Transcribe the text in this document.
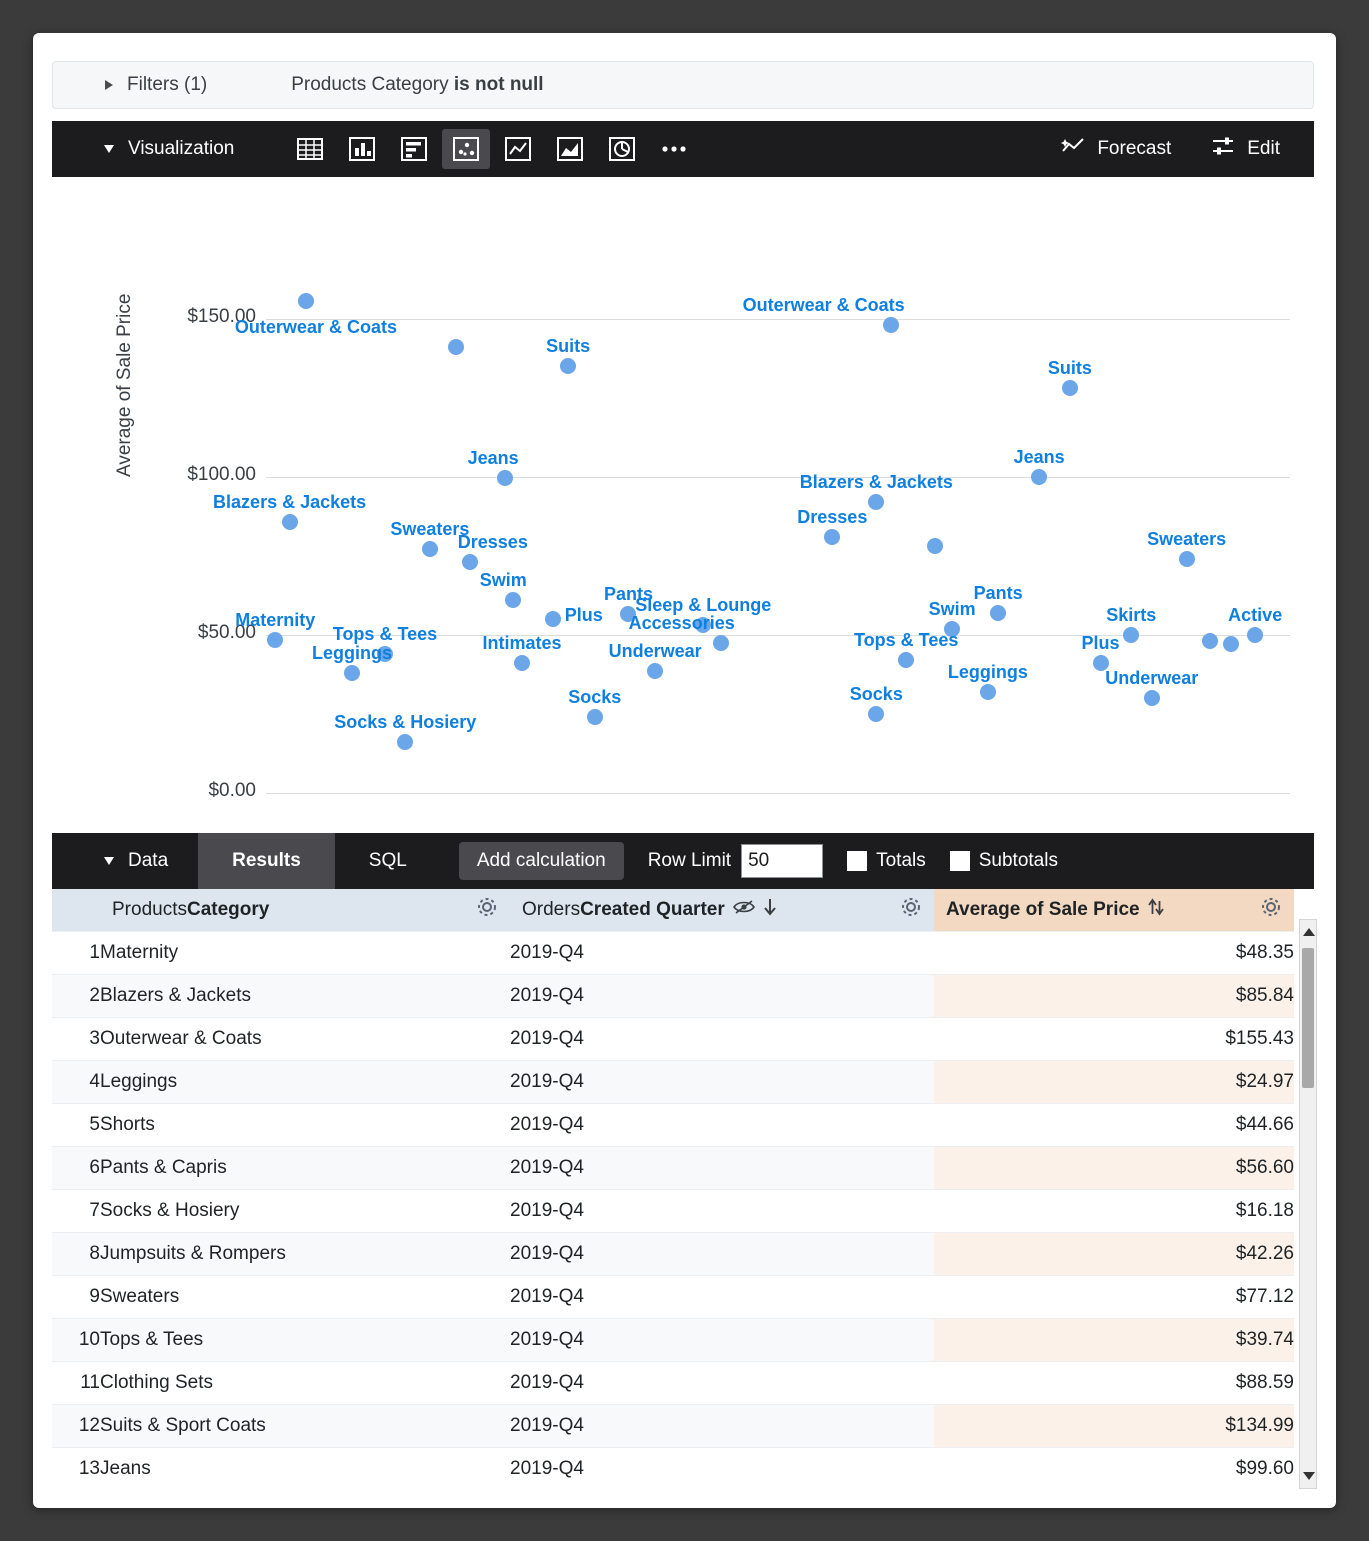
Filters (1)	Products Category is not null
Visualization	Forecast	Edit
Average of Sale Price
$0.00
$50.00
$100.00
$150.00
Outerwear & Coats
Suits
Jeans
Blazers & Jackets
Sweaters
Dresses
Swim
Pants
Maternity	Plus Sleep & Lounge
Accessories
Tops & Tees	Intimates	Underwear
Leggings
Socks & Hosiery
Socks
Outerwear & Coats
Suits
Jeans
Blazers & Jackets
Dresses
Sweaters
Pants
Swim
Tops & Tees
Leggings
Socks
Skirts
Plus
Underwear
Active
Data	Results	SQL	Add calculation	Row Limit
50	Totals	Subtotals

	Products Category	Orders Created Quarter	Average of Sale Price

1	Maternity	2019-Q4	$48.35
2	Blazers & Jackets	2019-Q4	$85.84
3	Outerwear & Coats	2019-Q4	$155.43
4	Leggings	2019-Q4	$24.97
5	Shorts	2019-Q4	$44.66
6	Pants & Capris	2019-Q4	$56.60
7	Socks & Hosiery	2019-Q4	$16.18
8	Jumpsuits & Rompers	2019-Q4	$42.26
9	Sweaters	2019-Q4	$77.12
10	Tops & Tees	2019-Q4	$39.74
11	Clothing Sets	2019-Q4	$88.59
12	Suits & Sport Coats	2019-Q4	$134.99
13	Jeans	2019-Q4	$99.60
